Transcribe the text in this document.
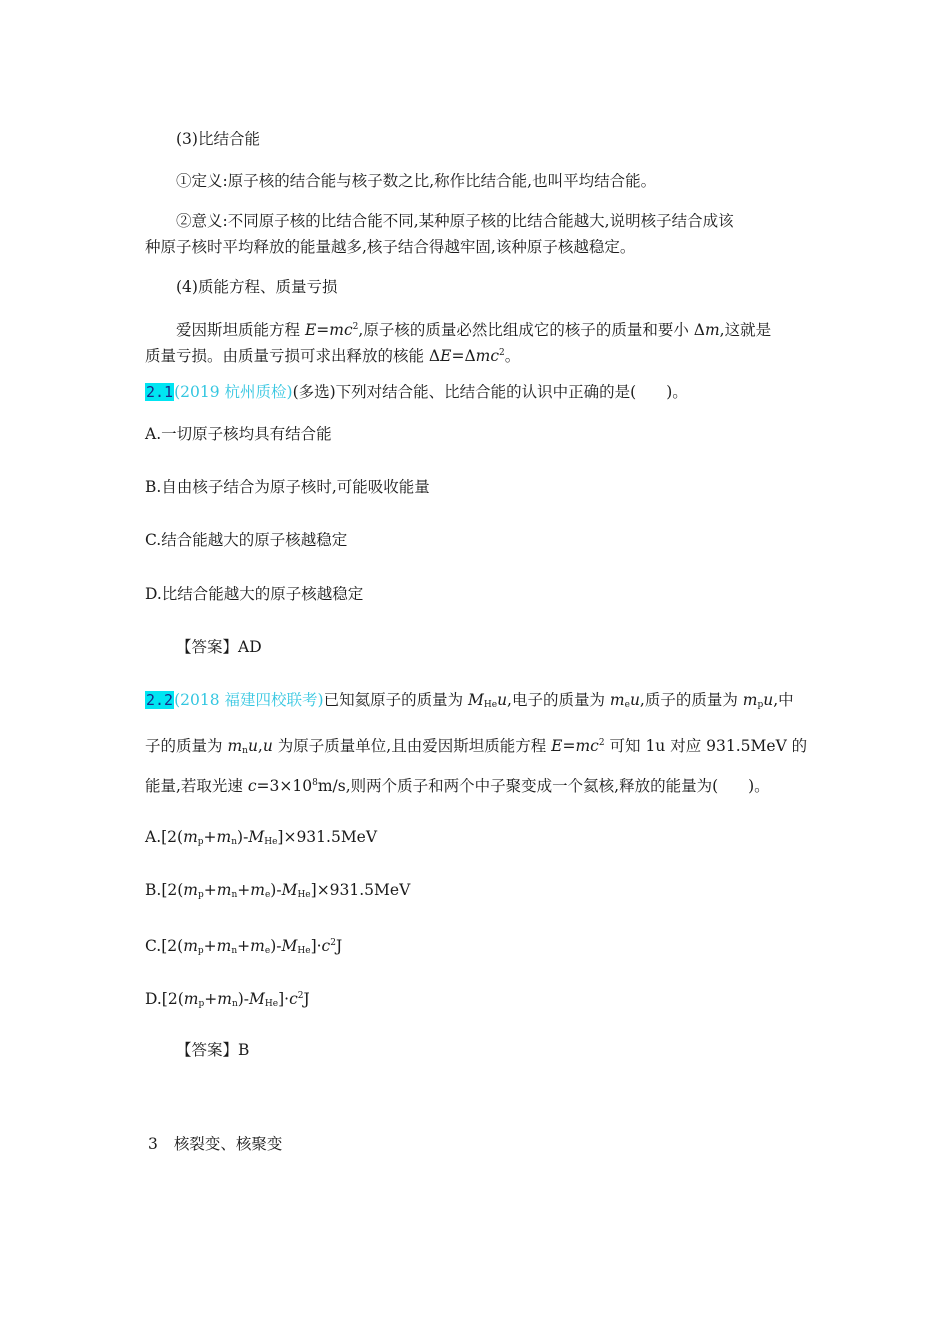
(3)比结合能
①定义:原子核的结合能与核子数之比,称作比结合能,也叫平均结合能。
②意义:不同原子核的比结合能不同,某种原子核的比结合能越大,说明核子结合成该
种原子核时平均释放的能量越多,核子结合得越牢固,该种原子核越稳定。
(4)质能方程、质量亏损
爱因斯坦质能方程 $E=mc^2$,原子核的质量必然比组成它的核子的质量和要小 Δm,这就是
质量亏损。由质量亏损可求出释放的核能 ΔE=Δmc$^2$。
2.1(2019 杭州质检)(多选)下列对结合能、比结合能的认识中正确的是( )。
A.一切原子核均具有结合能
B.自由核子结合为原子核时,可能吸收能量
C.结合能越大的原子核越稳定
D.比结合能越大的原子核越稳定
【答案】AD
2.2(2018 福建四校联考)已知氦原子的质量为 $M_{He}u$,电子的质量为 $m_eu$,质子的质量为 $m_pu$,中
子的质量为 $m_nu,u$ 为原子质量单位,且由爱因斯坦质能方程 $E=mc^2$ 可知 1u 对应 931.5MeV 的
能量,若取光速 $c=3\times 10^8m/s$,则两个质子和两个中子聚变成一个氦核,释放的能量为( )。
$A.[2(m_p+m_n)-M_{He}]\times 931.5MeV$
$B.[2(m_p+m_n+m_e)-M_{He}]\times 931.5MeV$
$C.[2(m_p+m_n+m_e)-M_{He}]\cdot c^2J$
$D.[2(m_p+m_n)-M_{He}]\cdot c^2J$
【答案】B
3 核裂变、核聚变
